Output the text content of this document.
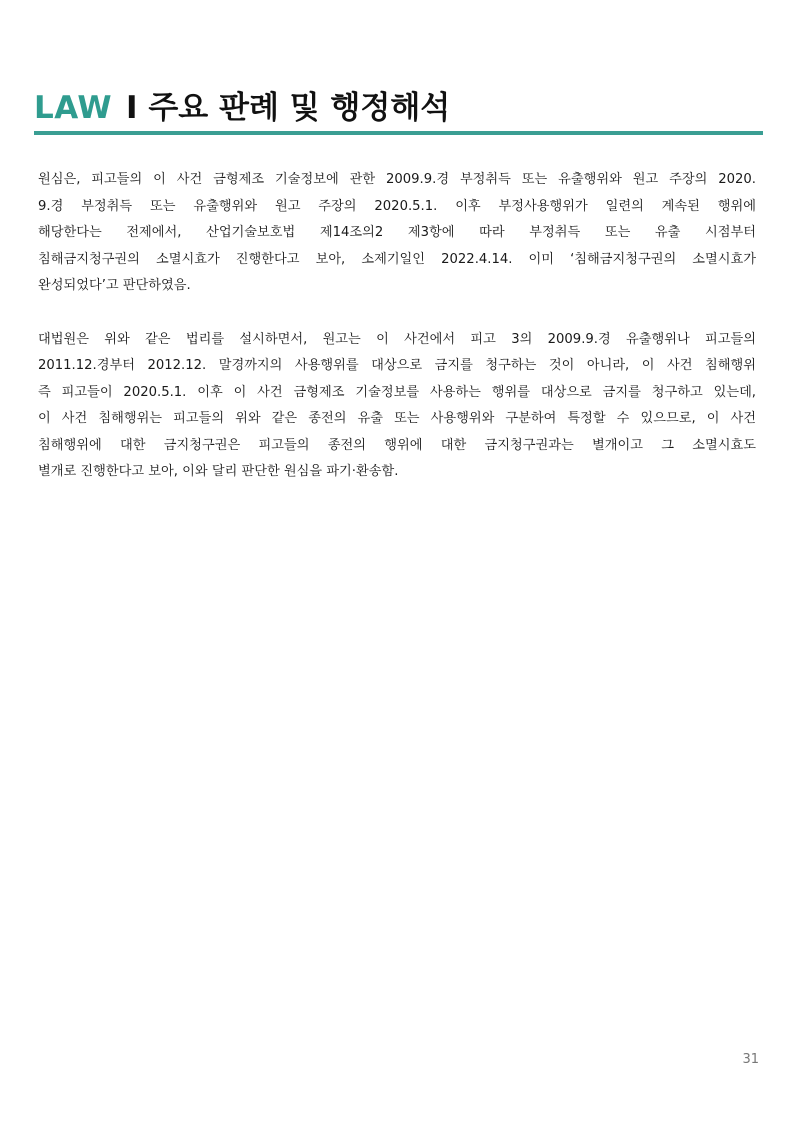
LAW I 주요 판례 및 행정해석

원심은, 피고들의 이 사건 금형제조 기술정보에 관한 2009.9.경 부정취득 또는 유출행위와 원고 주장의 2020.
9.경 부정취득 또는 유출행위와 원고 주장의 2020.5.1. 이후 부정사용행위가 일련의 계속된 행위에
해당한다는 전제에서, 산업기술보호법 제14조의2 제3항에 따라 부정취득 또는 유출 시점부터
침해금지청구권의 소멸시효가 진행한다고 보아, 소제기일인 2022.4.14. 이미 ‘침해금지청구권의 소멸시효가
완성되었다’고 판단하였음.

대법원은 위와 같은 법리를 설시하면서, 원고는 이 사건에서 피고 3의 2009.9.경 유출행위나 피고들의
2011.12.경부터 2012.12. 말경까지의 사용행위를 대상으로 금지를 청구하는 것이 아니라, 이 사건 침해행위
즉 피고들이 2020.5.1. 이후 이 사건 금형제조 기술정보를 사용하는 행위를 대상으로 금지를 청구하고 있는데,
이 사건 침해행위는 피고들의 위와 같은 종전의 유출 또는 사용행위와 구분하여 특정할 수 있으므로, 이 사건
침해행위에 대한 금지청구권은 피고들의 종전의 행위에 대한 금지청구권과는 별개이고 그 소멸시효도
별개로 진행한다고 보아, 이와 달리 판단한 원심을 파기·환송함.

31
